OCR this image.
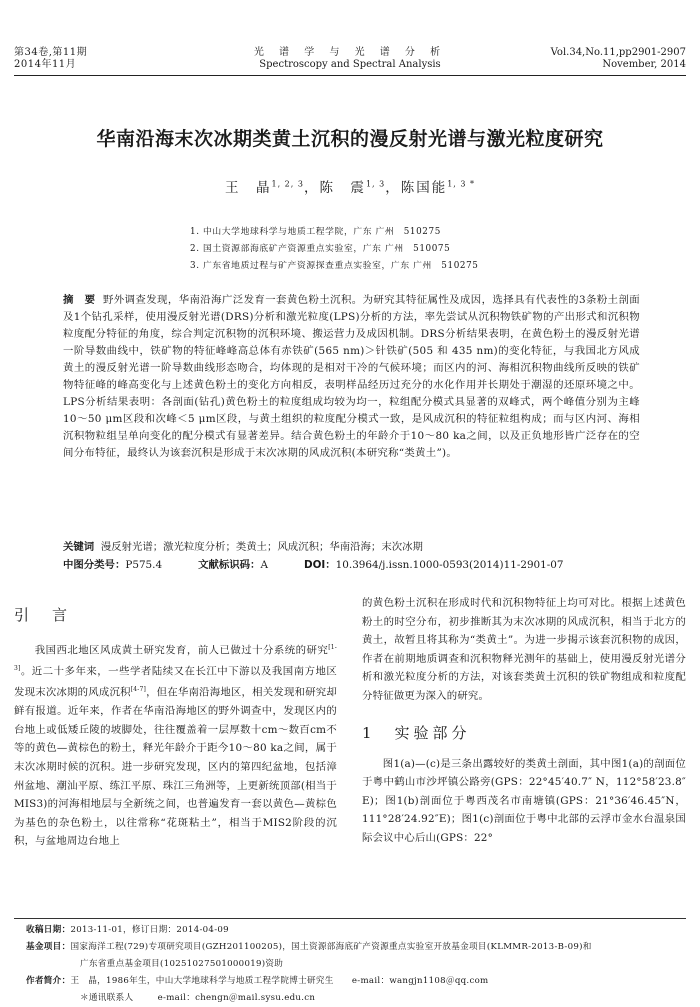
第34卷,第11期
2014年11月
光 谱 学 与 光 谱 分 析
Spectroscopy and Spectral Analysis
Vol.34,No.11,pp2901-2907
November, 2014
华南沿海末次冰期类黄土沉积的漫反射光谱与激光粒度研究
王　晶$^{1, 2, 3}$，陈　震$^{1, 3}$，陈国能$^{1, 3 *}$
1. 中山大学地球科学与地质工程学院，广东 广州　510275
2. 国土资源部海底矿产资源重点实验室，广东 广州　510075
3. 广东省地质过程与矿产资源探查重点实验室，广东 广州　510275
摘　要 野外调查发现，华南沿海广泛发育一套黄色粉土沉积。为研究其特征属性及成因，选择具有代表性的3条粉土剖面及1个钻孔采样，使用漫反射光谱(DRS)分析和激光粒度(LPS)分析的方法，率先尝试从沉积物铁矿物的产出形式和沉积物粒度配分特征的角度，综合判定沉积物的沉积环境、搬运营力及成因机制。DRS分析结果表明，在黄色粉土的漫反射光谱一阶导数曲线中，铁矿物的特征峰峰高总体有赤铁矿(565 nm)＞针铁矿(505 和 435 nm)的变化特征，与我国北方风成黄土的漫反射光谱一阶导数曲线形态吻合，均体现的是相对干冷的气候环境；而区内的河、海相沉积物曲线所反映的铁矿物特征峰的峰高变化与上述黄色粉土的变化方向相反，表明样品经历过充分的水化作用并长期处于潮湿的还原环境之中。LPS分析结果表明：各剖面(钻孔)黄色粉土的粒度组成均较为均一，粒组配分模式具显著的双峰式，两个峰值分别为主峰10～50 μm区段和次峰＜5 μm区段，与黄土组织的粒度配分模式一致，是风成沉积的特征粒组构成；而与区内河、海相沉积物粒组呈单向变化的配分模式有显著差异。结合黄色粉土的年龄介于10～80 ka之间，以及正负地形皆广泛存在的空间分布特征，最终认为该套沉积是形成于末次冰期的风成沉积(本研究称“类黄土”)。
关键词 漫反射光谱；激光粒度分析；类黄土；风成沉积；华南沿海；末次冰期
中图分类号：P575.4	文献标识码：A	DOI：10.3964/j.issn.1000-0593(2014)11-2901-07
引　言

我国西北地区风成黄土研究发育，前人已做过十分系统的研究[1-3]。近二十多年来，一些学者陆续又在长江中下游以及我国南方地区发现末次冰期的风成沉积[4-7]，但在华南沿海地区，相关发现和研究却鲜有报道。近年来，作者在华南沿海地区的野外调查中，发现区内的台地上或低矮丘陵的坡脚处，往往覆盖着一层厚数十cm～数百cm不等的黄色—黄棕色的粉土，释光年龄介于距今10～80 ka之间，属于末次冰期时候的沉积。进一步研究发现，区内的第四纪盆地，包括漳州盆地、潮汕平原、练江平原、珠江三角洲等，上更新统顶部(相当于MIS3)的河海相地层与全新统之间，也普遍发育一套以黄色—黄棕色为基色的杂色粉土，以往常称“花斑粘土”，相当于MIS2阶段的沉积，与盆地周边台地上

的黄色粉土沉积在形成时代和沉积物特征上均可对比。根据上述黄色粉土的时空分布，初步推断其为末次冰期的风成沉积，相当于北方的黄土，故暂且将其称为“类黄土”。为进一步揭示该套沉积物的成因，作者在前期地质调查和沉积物释光测年的基础上，使用漫反射光谱分析和激光粒度分析的方法，对该套类黄土沉积的铁矿物组成和粒度配分特征做更为深入的研究。

1　实验部分

图1(a)—(c)是三条出露较好的类黄土剖面，其中图1(a)的剖面位于粤中鹤山市沙坪镇公路旁(GPS：22°45′40.7″ N，112°58′23.8″ E)；图1(b)剖面位于粤西茂名市南塘镇(GPS：21°36′46.45″N，111°28′24.92″E)；图1(c)剖面位于粤中北部的云浮市金水台温泉国际会议中心后山(GPS：22°

收稿日期：2013-11-01，修订日期：2014-04-09
基金项目：国家海洋工程(729)专项研究项目(GZH201100205)，国土资源部海底矿产资源重点实验室开放基金项目(KLMMR-2013-B-09)和
广东省重点基金项目(10251027501000019)资助
作者简介：王　晶，1986年生，中山大学地球科学与地质工程学院博士研究生 e-mail：wangjn1108＠qq.com
＊通讯联系人	e-mail：chengn＠mail.sysu.edu.cn
